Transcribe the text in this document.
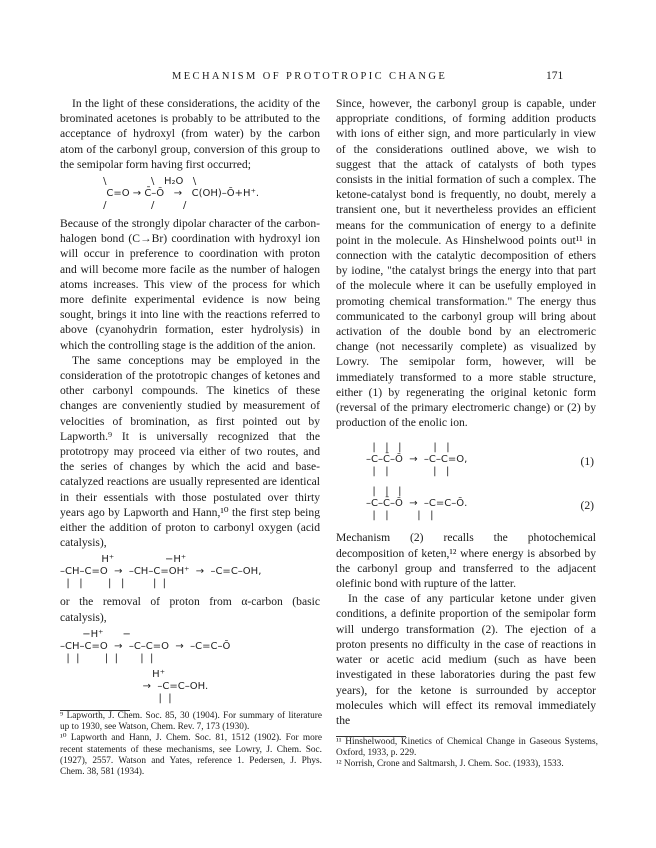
MECHANISM OF PROTOTROPIC CHANGE	171

In the light of these considerations, the acidity of the brominated acetones is probably to be attributed to the acceptance of hydroxyl (from water) by the carbon atom of the carbonyl group, conversion of this group to the semipolar form having first occurred;

\              \   H₂O   \
C=O → C̄–Ō   →   C(OH)–Ō+H⁺.
/              /         /

Because of the strongly dipolar character of the carbon-halogen bond (C→Br) coordination with hydroxyl ion will occur in preference to coordination with proton and will become more facile as the number of halogen atoms increases. This view of the process for which more definite experimental evidence is now being sought, brings it into line with the reactions referred to above (cyanohydrin formation, ester hydrolysis) in which the controlling stage is the addition of the anion.

The same conceptions may be employed in the consideration of the prototropic changes of ketones and other carbonyl compounds. The kinetics of these changes are conveniently studied by measurement of velocities of bromination, as first pointed out by Lapworth.⁹ It is universally recognized that the prototropy may proceed via either of two routes, and the series of changes by which the acid and base-catalyzed reactions are usually represented are identical in their essentials with those postulated over thirty years ago by Lapworth and Hann,¹⁰ the first step being either the addition of proton to carbonyl oxygen (acid catalysis),

H⁺                −H⁺
–CH–C=O  →  –CH–C=OH⁺  →  –C=C–OH,
|   |        |   |         |  |

or the removal of proton from α-carbon (basic catalysis),

−H⁺      −
–CH–C=O  →  –C–C=O  →  –C=C–Ō
|  |        |  |       |  |
H⁺
→  –C=C–OH.
|  |

Since, however, the carbonyl group is capable, under appropriate conditions, of forming addition products with ions of either sign, and more particularly in view of the considerations outlined above, we wish to suggest that the attack of catalysts of both types consists in the initial formation of such a complex. The ketone-catalyst bond is frequently, no doubt, merely a transient one, but it nevertheless provides an efficient means for the communication of energy to a definite point in the molecule. As Hinshelwood points out¹¹ in connection with the catalytic decomposition of ethers by iodine, "the catalyst brings the energy into that part of the molecule where it can be usefully employed in promoting chemical transformation." The energy thus communicated to the carbonyl group will bring about activation of the double bond by an electromeric change (not necessarily complete) as visualized by Lowry. The semipolar form, however, will be immediately transformed to a more stable structure, either (1) by regenerating the original ketonic form (reversal of the primary electromeric change) or (2) by production of the enolic ion.

|   |   |          |   |
–C–C̄–Ō  →  –C–C=O,
|   |              |   |
(1)
|   |   |
–C–C̄–Ō  →  –C=C–Ō.
|   |         |   |
(2)

Mechanism (2) recalls the photochemical decomposition of keten,¹² where energy is absorbed by the carbonyl group and transferred to the adjacent olefinic bond with rupture of the latter.

In the case of any particular ketone under given conditions, a definite proportion of the semipolar form will undergo transformation (2). The ejection of a proton presents no difficulty in the case of reactions in water or acetic acid medium (such as have been investigated in these laboratories during the past few years), for the ketone is surrounded by acceptor molecules which will effect its removal immediately the

⁹ Lapworth, J. Chem. Soc. 85, 30 (1904). For summary of literature up to 1930, see Watson, Chem. Rev. 7, 173 (1930).
¹⁰ Lapworth and Hann, J. Chem. Soc. 81, 1512 (1902). For more recent statements of these mechanisms, see Lowry, J. Chem. Soc. (1927), 2557. Watson and Yates, reference 1. Pedersen, J. Phys. Chem. 38, 581 (1934).
¹¹ Hinshelwood, Kinetics of Chemical Change in Gaseous Systems, Oxford, 1933, p. 229.
¹² Norrish, Crone and Saltmarsh, J. Chem. Soc. (1933), 1533.
